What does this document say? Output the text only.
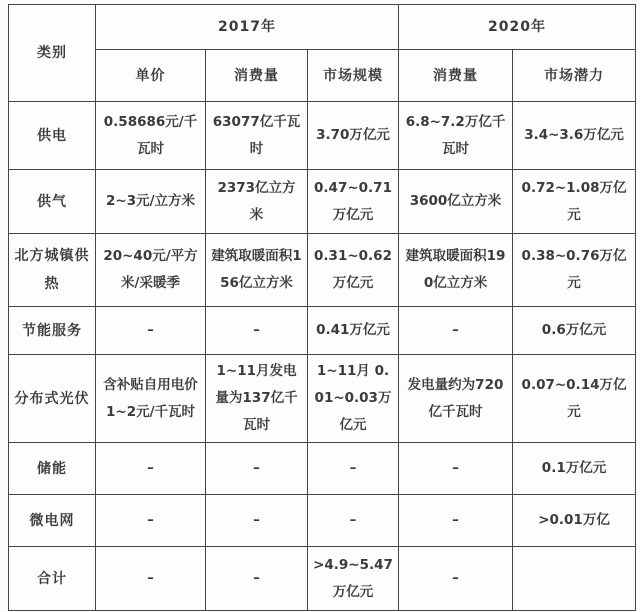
类别	2017年			2020年	
	单价	消费量	市场规模	消费量	市场潜力
供电	0.58686元/千瓦时	63077亿千瓦时	3.70万亿元	6.8~7.2万亿千瓦时	3.4~3.6万亿元
供气	2~3元/立方米	2373亿立方米	0.47~0.71万亿元	3600亿立方米	0.72~1.08万亿元
北方城镇供热	20~40元/平方米/采暖季	建筑取暖面积156亿立方米	0.31~0.62万亿元	建筑取暖面积190亿立方米	0.38~0.76万亿元
节能服务	–	–	0.41万亿元	–	0.6万亿元
分布式光伏	含补贴自用电价1~2元/千瓦时	1~11月发电量为137亿千瓦时	1~11月 0.01~0.03万亿元	发电量约为720亿千瓦时	0.07~0.14万亿元
储能	–	–	–	–	0.1万亿元
微电网	–	–	–	–	>0.01万亿
合计	–	–	>4.9~5.47万亿元	–	
